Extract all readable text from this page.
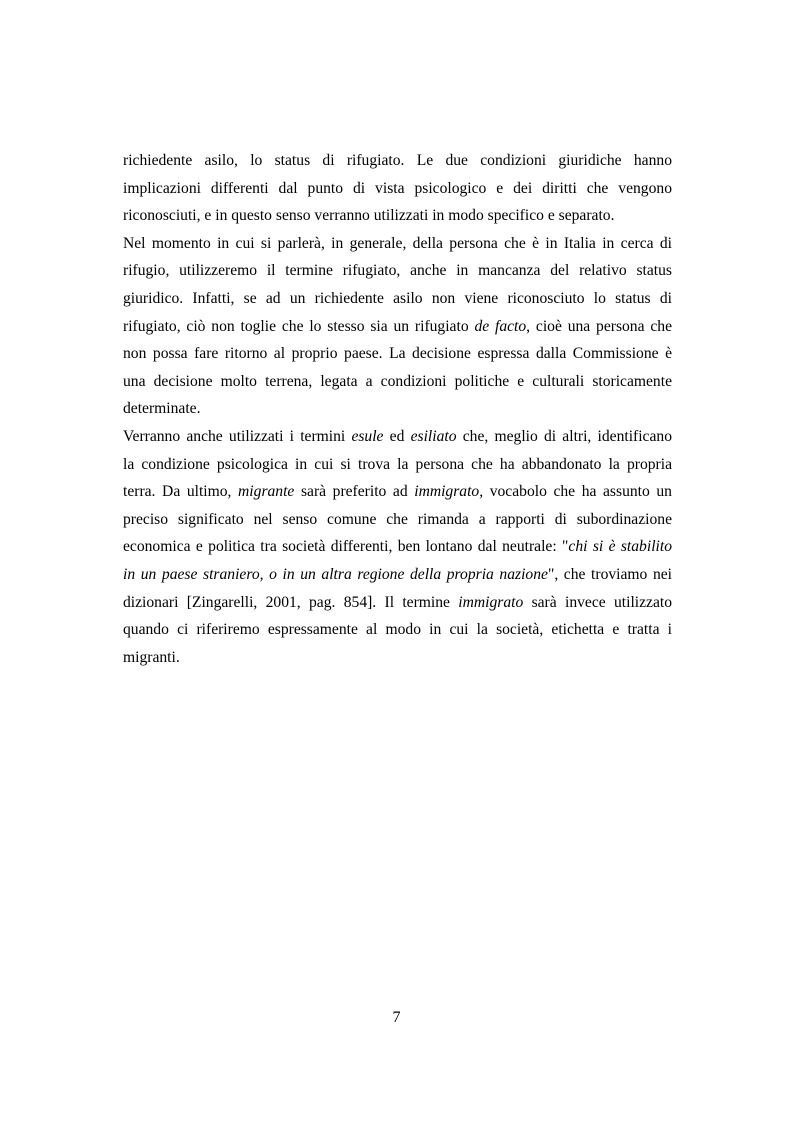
richiedente asilo, lo status di rifugiato. Le due condizioni giuridiche hanno
implicazioni differenti dal punto di vista psicologico e dei diritti che vengono
riconosciuti, e in questo senso verranno utilizzati in modo specifico e separato.
Nel momento in cui si parlerà, in generale, della persona che è in Italia in cerca di
rifugio, utilizzeremo il termine rifugiato, anche in mancanza del relativo status
giuridico. Infatti, se ad un richiedente asilo non viene riconosciuto lo status di
rifugiato, ciò non toglie che lo stesso sia un rifugiato de facto, cioè una persona che
non possa fare ritorno al proprio paese. La decisione espressa dalla Commissione è
una decisione molto terrena, legata a condizioni politiche e culturali storicamente
determinate.
Verranno anche utilizzati i termini esule ed esiliato che, meglio di altri, identificano
la condizione psicologica in cui si trova la persona che ha abbandonato la propria
terra. Da ultimo, migrante sarà preferito ad immigrato, vocabolo che ha assunto un
preciso significato nel senso comune che rimanda a rapporti di subordinazione
economica e politica tra società differenti, ben lontano dal neutrale: "chi si è stabilito
in un paese straniero, o in un altra regione della propria nazione", che troviamo nei
dizionari [Zingarelli, 2001, pag. 854]. Il termine immigrato sarà invece utilizzato
quando ci riferiremo espressamente al modo in cui la società, etichetta e tratta i
migranti.
7
